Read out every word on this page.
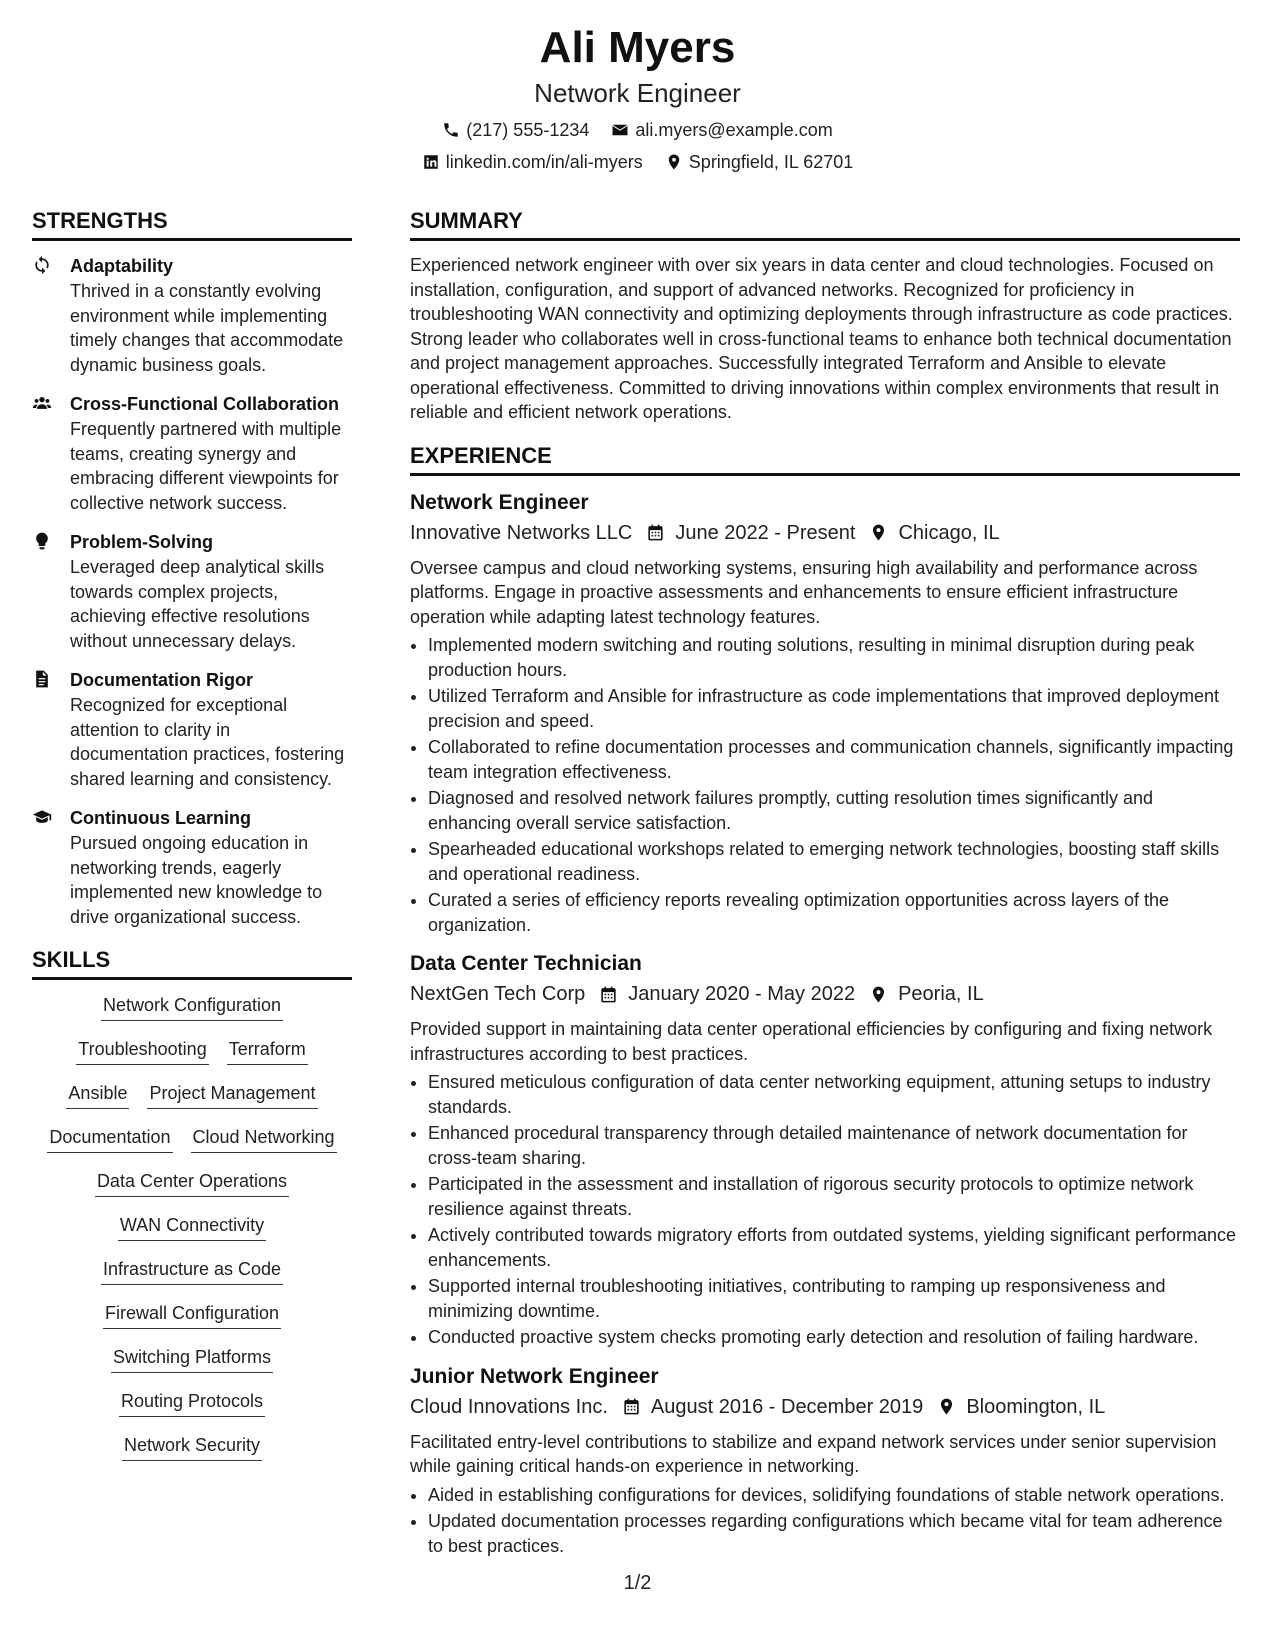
Ali Myers
Network Engineer
(217) 555-1234	ali.myers@example.com
linkedin.com/in/ali-myers	Springfield, IL 62701
STRENGTHS
Adaptability
Thrived in a constantly evolving environment while implementing timely changes that accommodate dynamic business goals.
Cross-Functional Collaboration
Frequently partnered with multiple teams, creating synergy and embracing different viewpoints for collective network success.
Problem-Solving
Leveraged deep analytical skills towards complex projects, achieving effective resolutions without unnecessary delays.
Documentation Rigor
Recognized for exceptional attention to clarity in documentation practices, fostering shared learning and consistency.
Continuous Learning
Pursued ongoing education in networking trends, eagerly implemented new knowledge to drive organizational success.
SKILLS
Network Configuration
Troubleshooting Terraform
Ansible Project Management
Documentation Cloud Networking
Data Center Operations
WAN Connectivity
Infrastructure as Code
Firewall Configuration
Switching Platforms
Routing Protocols
Network Security
SUMMARY

Experienced network engineer with over six years in data center and cloud technologies. Focused on installation, configuration, and support of advanced networks. Recognized for proficiency in troubleshooting WAN connectivity and optimizing deployments through infrastructure as code practices. Strong leader who collaborates well in cross-functional teams to enhance both technical documentation and project management approaches. Successfully integrated Terraform and Ansible to elevate operational effectiveness. Committed to driving innovations within complex environments that result in reliable and efficient network operations.

EXPERIENCE
Network Engineer
Innovative Networks LLC June 2022 - Present Chicago, IL

Oversee campus and cloud networking systems, ensuring high availability and performance across platforms. Engage in proactive assessments and enhancements to ensure efficient infrastructure operation while adapting latest technology features.

• Implemented modern switching and routing solutions, resulting in minimal disruption during peak production hours.
• Utilized Terraform and Ansible for infrastructure as code implementations that improved deployment precision and speed.
• Collaborated to refine documentation processes and communication channels, significantly impacting team integration effectiveness.
• Diagnosed and resolved network failures promptly, cutting resolution times significantly and enhancing overall service satisfaction.
• Spearheaded educational workshops related to emerging network technologies, boosting staff skills and operational readiness.
• Curated a series of efficiency reports revealing optimization opportunities across layers of the organization.
Data Center Technician
NextGen Tech Corp January 2020 - May 2022 Peoria, IL

Provided support in maintaining data center operational efficiencies by configuring and fixing network infrastructures according to best practices.

• Ensured meticulous configuration of data center networking equipment, attuning setups to industry standards.
• Enhanced procedural transparency through detailed maintenance of network documentation for cross-team sharing.
• Participated in the assessment and installation of rigorous security protocols to optimize network resilience against threats.
• Actively contributed towards migratory efforts from outdated systems, yielding significant performance enhancements.
• Supported internal troubleshooting initiatives, contributing to ramping up responsiveness and minimizing downtime.
• Conducted proactive system checks promoting early detection and resolution of failing hardware.
Junior Network Engineer
Cloud Innovations Inc. August 2016 - December 2019 Bloomington, IL

Facilitated entry-level contributions to stabilize and expand network services under senior supervision while gaining critical hands-on experience in networking.

• Aided in establishing configurations for devices, solidifying foundations of stable network operations.
• Updated documentation processes regarding configurations which became vital for team adherence to best practices.
1/2
